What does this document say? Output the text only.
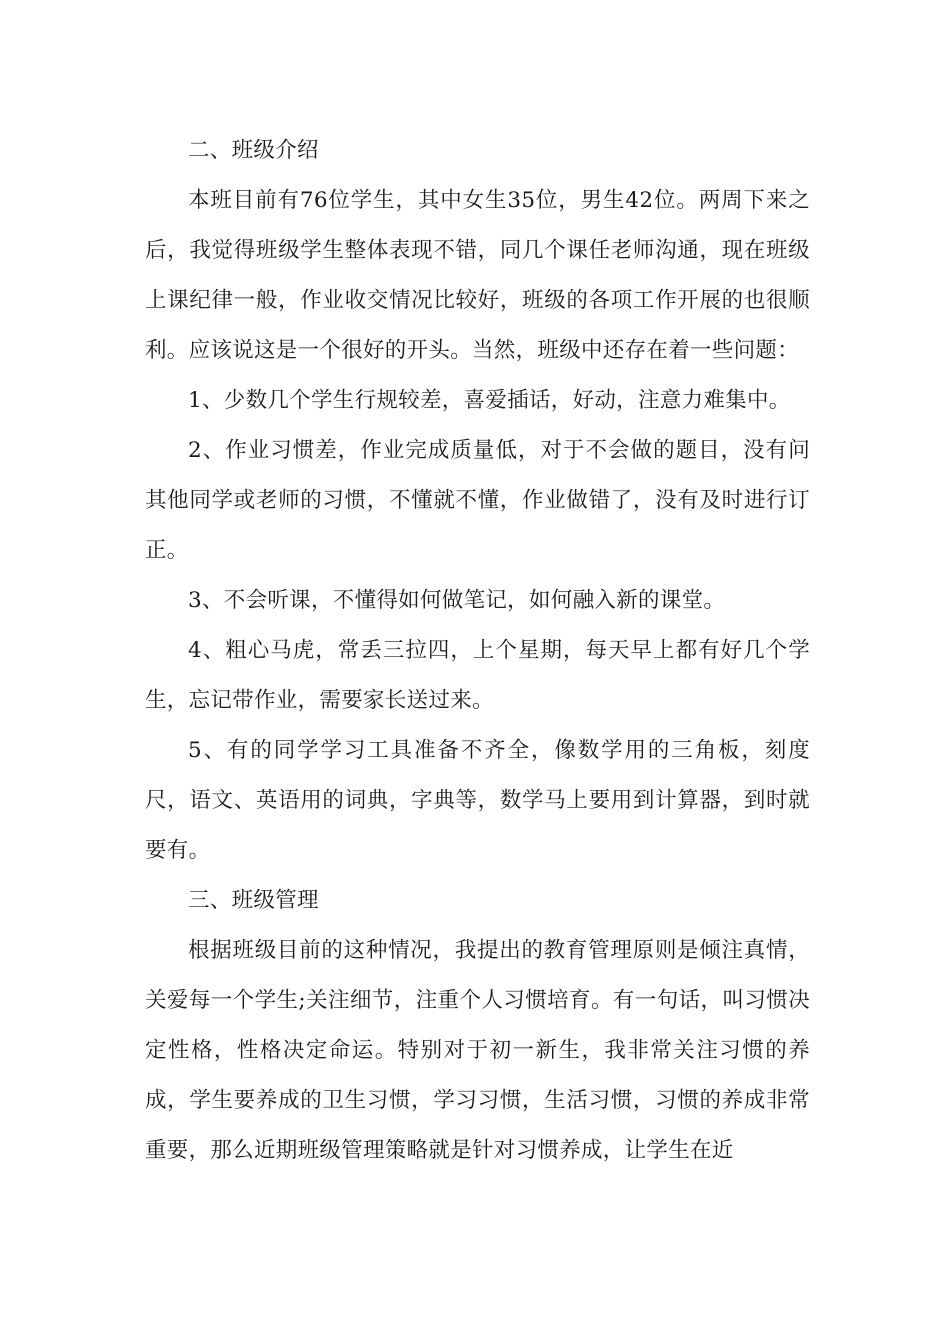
二、班级介绍

本班目前有76位学生，其中女生35位，男生42位。两周下来之后，我觉得班级学生整体表现不错，同几个课任老师沟通，现在班级上课纪律一般，作业收交情况比较好，班级的各项工作开展的也很顺利。应该说这是一个很好的开头。当然，班级中还存在着一些问题：

1、少数几个学生行规较差，喜爱插话，好动，注意力难集中。

2、作业习惯差，作业完成质量低，对于不会做的题目，没有问其他同学或老师的习惯，不懂就不懂，作业做错了，没有及时进行订正。

3、不会听课，不懂得如何做笔记，如何融入新的课堂。

4、粗心马虎，常丢三拉四，上个星期，每天早上都有好几个学生，忘记带作业，需要家长送过来。

5、有的同学学习工具准备不齐全，像数学用的三角板，刻度尺，语文、英语用的词典，字典等，数学马上要用到计算器，到时就要有。

三、班级管理

根据班级目前的这种情况，我提出的教育管理原则是倾注真情，关爱每一个学生;关注细节，注重个人习惯培育。有一句话，叫习惯决定性格，性格决定命运。特别对于初一新生，我非常关注习惯的养成，学生要养成的卫生习惯，学习习惯，生活习惯，习惯的养成非常重要，那么近期班级管理策略就是针对习惯养成，让学生在近
